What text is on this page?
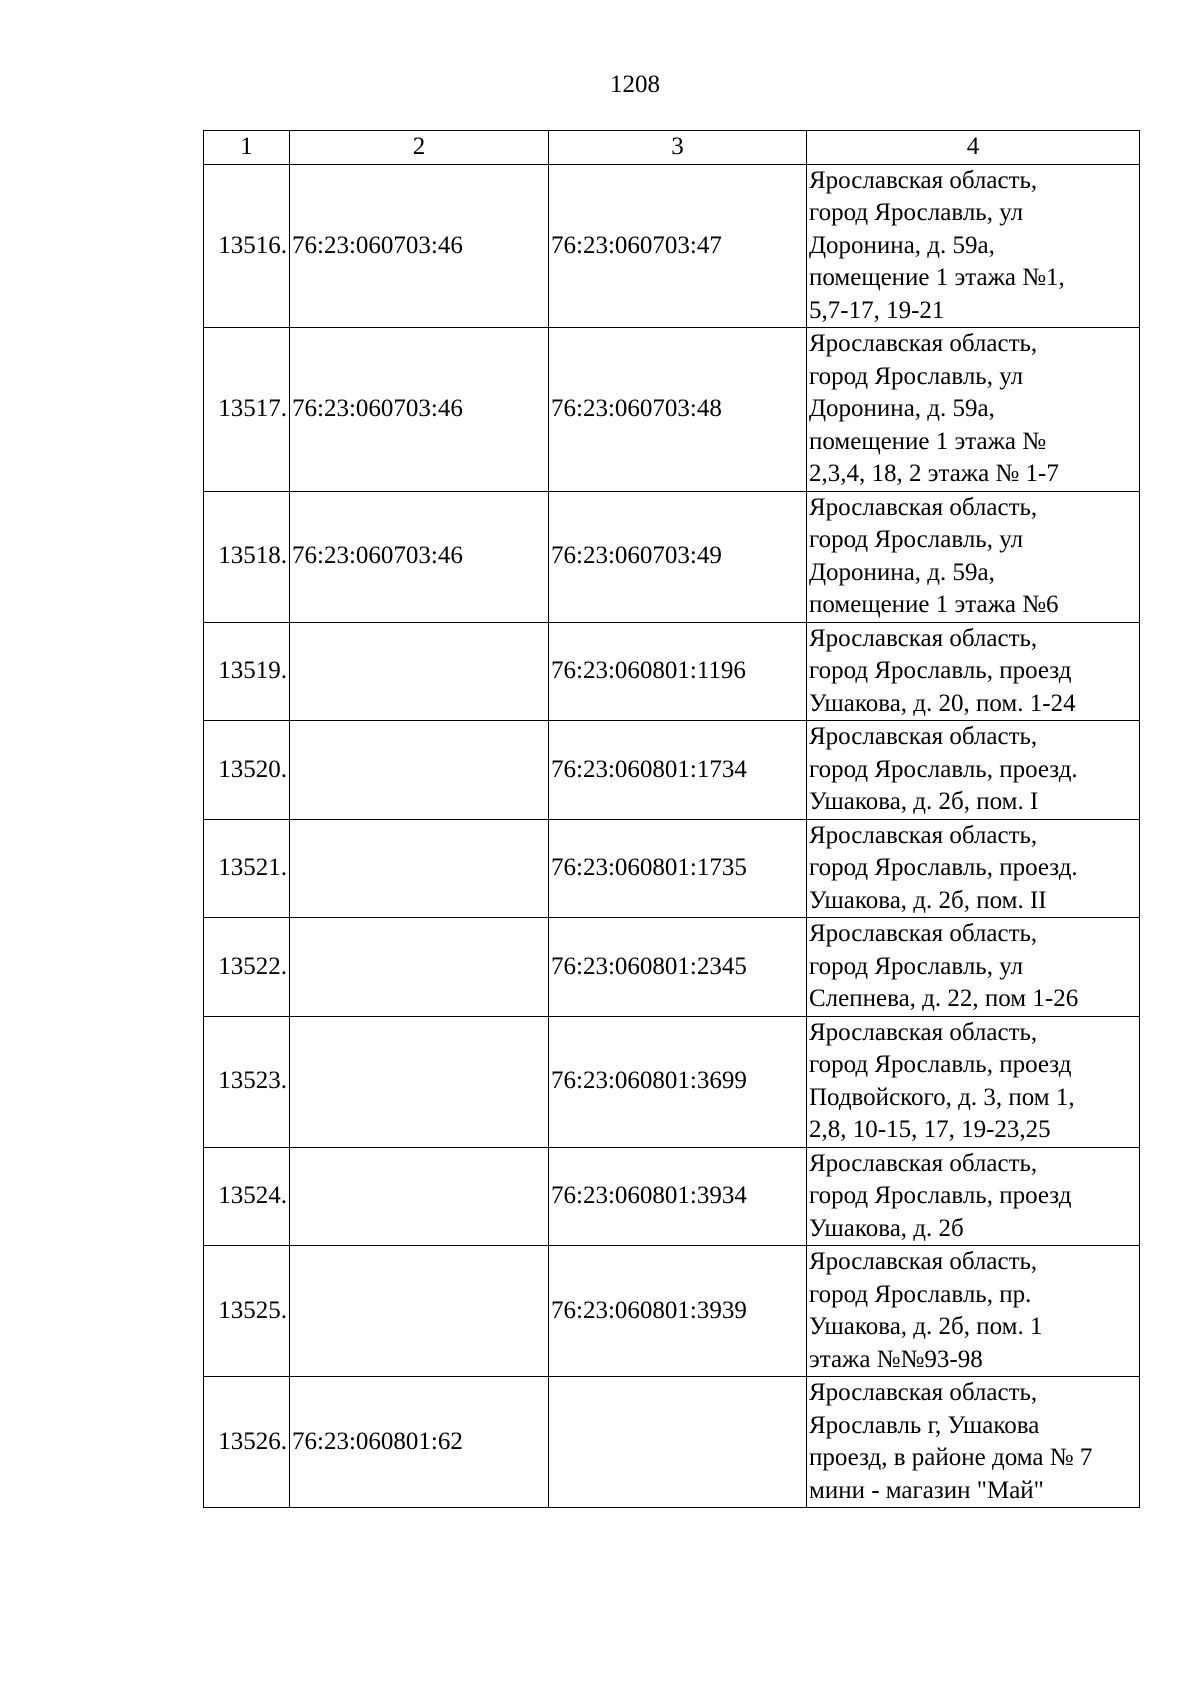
1208
1	2	3	4
13516.	76:23:060703:46	76:23:060703:47	Ярославская область,
город Ярославль, ул
Доронина, д. 59а,
помещение 1 этажа №1,
5,7-17, 19-21
13517.	76:23:060703:46	76:23:060703:48	Ярославская область,
город Ярославль, ул
Доронина, д. 59а,
помещение 1 этажа №
2,3,4, 18, 2 этажа № 1-7
13518.	76:23:060703:46	76:23:060703:49	Ярославская область,
город Ярославль, ул
Доронина, д. 59а,
помещение 1 этажа №6
13519.		76:23:060801:1196	Ярославская область,
город Ярославль, проезд
Ушакова, д. 20, пом. 1-24
13520.		76:23:060801:1734	Ярославская область,
город Ярославль, проезд.
Ушакова, д. 2б, пом. I
13521.		76:23:060801:1735	Ярославская область,
город Ярославль, проезд.
Ушакова, д. 2б, пом. II
13522.		76:23:060801:2345	Ярославская область,
город Ярославль, ул
Слепнева, д. 22, пом 1-26
13523.		76:23:060801:3699	Ярославская область,
город Ярославль, проезд
Подвойского, д. 3, пом 1,
2,8, 10-15, 17, 19-23,25
13524.		76:23:060801:3934	Ярославская область,
город Ярославль, проезд
Ушакова, д. 2б
13525.		76:23:060801:3939	Ярославская область,
город Ярославль, пр.
Ушакова, д. 2б, пом. 1
этажа №№93-98
13526.	76:23:060801:62		Ярославская область,
Ярославль г, Ушакова
проезд, в районе дома № 7
мини - магазин "Май"
